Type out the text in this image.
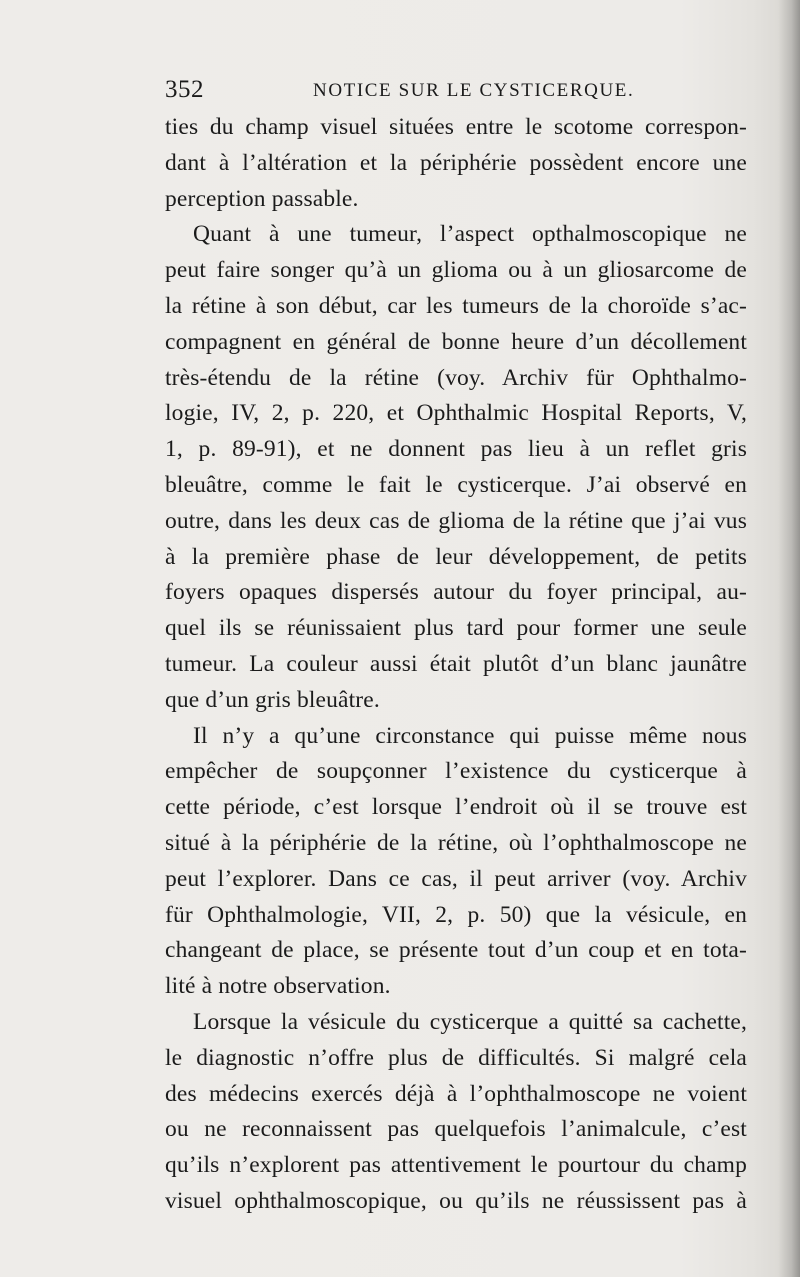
352	NOTICE SUR LE CYSTICERQUE.
ties du champ visuel situées entre le scotome correspon-
dant à l’altération et la périphérie possèdent encore une
perception passable.
Quant à une tumeur, l’aspect opthalmoscopique ne
peut faire songer qu’à un glioma ou à un gliosarcome de
la rétine à son début, car les tumeurs de la choroïde s’ac-
compagnent en général de bonne heure d’un décollement
très-étendu de la rétine (voy. Archiv für Ophthalmo-
logie, IV, 2, p. 220, et Ophthalmic Hospital Reports, V,
1, p. 89-91), et ne donnent pas lieu à un reflet gris
bleuâtre, comme le fait le cysticerque. J’ai observé en
outre, dans les deux cas de glioma de la rétine que j’ai vus
à la première phase de leur développement, de petits
foyers opaques dispersés autour du foyer principal, au-
quel ils se réunissaient plus tard pour former une seule
tumeur. La couleur aussi était plutôt d’un blanc jaunâtre
que d’un gris bleuâtre.
Il n’y a qu’une circonstance qui puisse même nous
empêcher de soupçonner l’existence du cysticerque à
cette période, c’est lorsque l’endroit où il se trouve est
situé à la périphérie de la rétine, où l’ophthalmoscope ne
peut l’explorer. Dans ce cas, il peut arriver (voy. Archiv
für Ophthalmologie, VII, 2, p. 50) que la vésicule, en
changeant de place, se présente tout d’un coup et en tota-
lité à notre observation.
Lorsque la vésicule du cysticerque a quitté sa cachette,
le diagnostic n’offre plus de difficultés. Si malgré cela
des médecins exercés déjà à l’ophthalmoscope ne voient
ou ne reconnaissent pas quelquefois l’animalcule, c’est
qu’ils n’explorent pas attentivement le pourtour du champ
visuel ophthalmoscopique, ou qu’ils ne réussissent pas à
